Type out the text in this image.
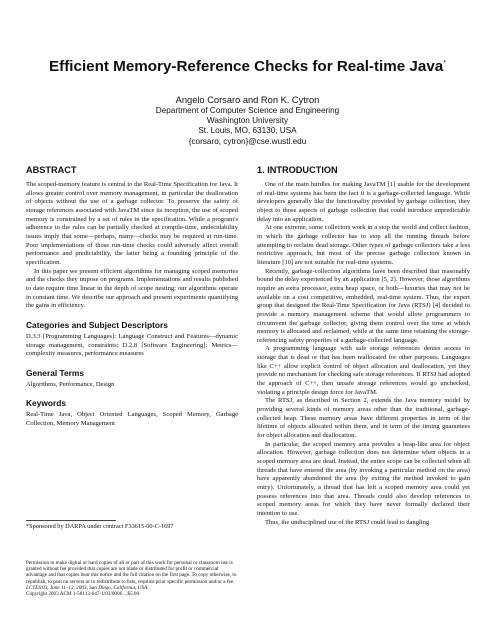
Efficient Memory-Reference Checks for Real-time Java*
Angelo Corsaro and Ron K. Cytron
Department of Computer Science and Engineering
Washington University
St. Louis, MO, 63130, USA
{corsaro, cytron}@cse.wustl.edu
ABSTRACT

The scoped-memory feature is central to the Real-Time Specification for Java. It allows greater control over memory management, in particular the deallocation of objects without the use of a garbage collector. To preserve the safety of storage references associated with JavaTM since its inception, the use of scoped memory is constrained by a set of rules in the specification. While a program's adherence to the rules can be partially checked at compile-time, undecidability issues imply that some—perhaps, many—checks may be required at run-time. Poor implementations of those run-time checks could adversely affect overall performance and predictability, the latter being a founding principle of the specification.

In this paper we present efficient algorithms for managing scoped memories and the checks they impose on programs. Implementations and results published to date require time linear in the depth of scope nesting; our algorithms operate in constant time. We describe our approach and present experiments quantifying the gains in efficiency.

Categories and Subject Descriptors

D.3.3 [Programming Languages]: Language Construct and Features—dynamic storage management, constraints; D.2.8 [Software Engineering]: Metrics—complexity measures, performance measures

General Terms

Algorithms, Performance, Design

Keywords

Real-Time Java, Object Oriented Languages, Scoped Memory, Garbage Collection, Memory Management

*Sponsored by DARPA under contract F33615-00-C-1697
Permission to make digital or hard copies of all or part of this work for personal or classroom use is granted without fee provided that copies are not made or distributed for profit or commercial advantage and that copies bear this notice and the full citation on the first page. To copy otherwise, to republish, to post on servers or to redistribute to lists, requires prior specific permission and/or a fee.
LCTES'03, June 11–13, 2003, San Diego, California, USA.
Copyright 2003 ACM 1-58113-647-1/03/0006 ...$5.00.
1. INTRODUCTION

One of the main hurdles for making JavaTM [1] usable for the development of real-time systems has been the fact it is a garbage-collected language. While developers generally like the functionality provided by garbage collection, they object to those aspects of garbage collection that could introduce unpredictable delay into an application.

At one extreme, some collectors work in a stop the world and collect fashion, in which the garbage collector has to stop all the running threads before attempting to reclaim dead storage. Other types of garbage collectors take a less restrictive approach, but most of the precise garbage collectors known in literature [10] are not suitable for real-time systems.

Recently, garbage-collection algorithms have been described that reasonably bound the delay experienced by an application [5, 2]. However, those algorithms require an extra processor, extra heap space, or both—luxuries that may not be available on a cost competitive, embedded, real-time system. Thus, the expert group that designed the Real-Time Specification for Java (RTSJ) [4] decided to provide a memory management scheme that would allow programmers to circumvent the garbage collector, giving them control over the time at which memory is allocated and reclaimed, while at the same time retaining the storage-referencing safety properties of a garbage-collected language.

A programming language with safe storage references denies access to storage that is dead or that has been reallocated for other purposes. Languages like C++ allow explicit control of object allocation and deallocation, yet they provide no mechanism for checking safe storage references. If RTSJ had adopted the approach of C++, then unsafe storage references would go unchecked, violating a principle design force for JavaTM.

The RTSJ, as described in Section 2, extends the Java memory model by providing several kinds of memory areas other than the traditional, garbage-collected heap. These memory areas have different properties in term of the lifetime of objects allocated within them, and in term of the timing guarantees for object allocation and deallocation.

In particular, the scoped memory area provides a heap-like area for object allocation. However, garbage collection does not determine when objects in a scoped memory area are dead. Instead, the entire scope can be collected when all threads that have entered the area (by invoking a particular method on the area) have apparently abandoned the area (by exiting the method invoked to gain entry). Unfortunately, a thread that has left a scoped memory area could yet possess references into that area. Threads could also develop references to scoped memory areas for which they have never formally declared their intention to use.

Thus, the undisciplined use of the RTSJ could lead to dangling
